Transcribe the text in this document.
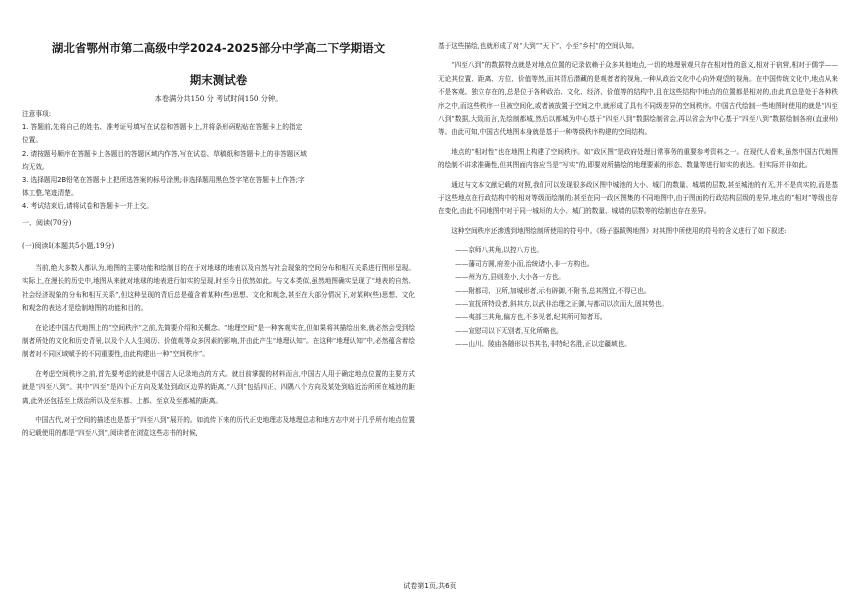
湖北省鄂州市第二高级中学2024-2025部分中学高二下学期语文
期末测试卷
本卷满分共150 分 考试时间150 分钟。

注意事项:

1. 答题前,先将自己的姓名、准考证号填写在试卷和答题卡上,并将条形码粘贴在答题卡上的指定

位置。

2. 请按题号顺序在答题卡上各题目的答题区域内作答,写在试卷、草稿纸和答题卡上的非答题区域

均无效。

3. 选择题用2B铅笔在答题卡上把所选答案的标号涂黑;非选择题用黑色签字笔在答题卡上作答;字

体工整,笔迹清楚。

4. 考试结束后,请将试卷和答题卡一并上交。

一、阅读(70分)
(一)阅读Ⅰ(本题共5小题,19分)

当前,绝大多数人都认为,地图的主要功能和绘制目的在于对地球的地表以及自然与社会现象的空间分布和相互关系进行图形呈现。实际上,在漫长的历史中,地图从来就对地球的地表进行如实的呈现,时至今日依然如此。与文本类似,虽然地图确实呈现了“地表的自然、社会经济现象的分布和相互关系”,但这种呈现的背后总是蕴含着某种(些)思想、文化和观念,甚至在大部分情况下,对某种(些)思想、文化和观念的表达才是绘制地图的功能和目的。

在论述中国古代地图上的“空间秩序”之前,先简要介绍和关概念。“地理空间”是一种客观实在,但如果将其描绘出来,就必然会受到绘制者所处的文化和历史背景,以及个人人生阅历、价值观等众多因素的影响,并由此产生“地理认知”。在这种“地理认知”中,必然蕴含着绘制者对不同区域赋予的不同重要性,由此构建出一种“空间秩序”。

在考虑空间秩序之前,首先要考虑的就是中国古人记录地点的方式。就目前掌握的材料而言,中国古人用于确定地点位置的主要方式就是“四至八到”。其中“四至”是四个正方向及某处到政区边界的距离,“八到”包括四正、四隅八个方向及某处到临近治所所在城池的距离,此外还包括至上级治所以及至东都、上都、至京及至都城的距离。

中国古代,对于空间的描述也是基于“四至八到”展开的。如流传下来的历代正史地理志及地理总志和地方志中对于几乎所有地点位置的记载使用的都是“四至八到”,阅读者在浏览这些志书的时候,

基于这些描绘,也就形成了对“大到”“天下”、小至“乡村”的空间认知。

“四至八到”的数据特点就是对地点位置的记录依赖于众多其他地点,一切的地理景观只存在相对性的意义,相对于宿营,相对于儒学——无论其位置、距离、方位、价值等然,而其背后潜藏的是观者者的视角,一种从政治文化中心向外观望的视角。在中国传统文化中,地点从来不是客观、独立存在的,总是位于各种政治、文化、经济、价值等的结构中,且在这些结构中地点的位置都是相对的,由此真总是处于各种秩序之中,而这些秩序一旦被空间化,或者被放置于空间之中,就形成了具有不同级差异的空间秩序。中国古代绘制一些地图时使用的就是“四至八到”数据,大致而言,先绘制都城,然后以都城为中心基于“四至八到”数据绘制省会,再以省会为中心基于“四至八到”数据绘制各府(直隶州)等。由此可知,中国古代地图本身就是基于一种等级秩序构建的空间结构。

地点的“相对性”也在地图上构建了空间秩序。如“政区图”是政府处理日常事务的重要参考资料之一。在现代人看来,虽然中国古代地图的绘制不讲求准确性,但其图面内容应当是“写实”的,即要对所描绘的地理要素的形态、数量等进行如实的表达。但实际并非如此。

通过与文本文献记载的对照,我们可以发现很多政区图中城池的大小、城门的数量、城墙的层数,甚至城池的有无,并不是真实的,而是基于这些地点在行政结构中的相对等级而绘制的;甚至在同一政区图集的不同地图中,由于图面的行政结构层级的差异,地点的“相对”等级也存在变化,由此不同地图中对于同一城垣的大小、城门的数量、城墙的层数等的绘制也存在差异。

这种空间秩序还渗透到地图绘制所使用的符号中。《杨子器跋舆地图》对其图中所使用的符号的含义进行了如下叙述:

——京师八其角,以控八方也。

——藩司方圆,府差小而,治统诸小,非一方构也。

——州为方,县则差小,大小各一方也。

——附都司、卫所,加城形者,示有辟御,不附书,总其图宜,不得已也。

——宣抚所特设者,斜其方,以武非治理之正御,与都司以次而大,固其势也。

——夷部三其角,偏方也,不多见者,纪其所可知者耳。

——宣慰司以下无别者,互化所略也。

——山川、陵庙各随形以书其名,非特纪名胜,正以定疆域也。

试卷第1页,共6页
